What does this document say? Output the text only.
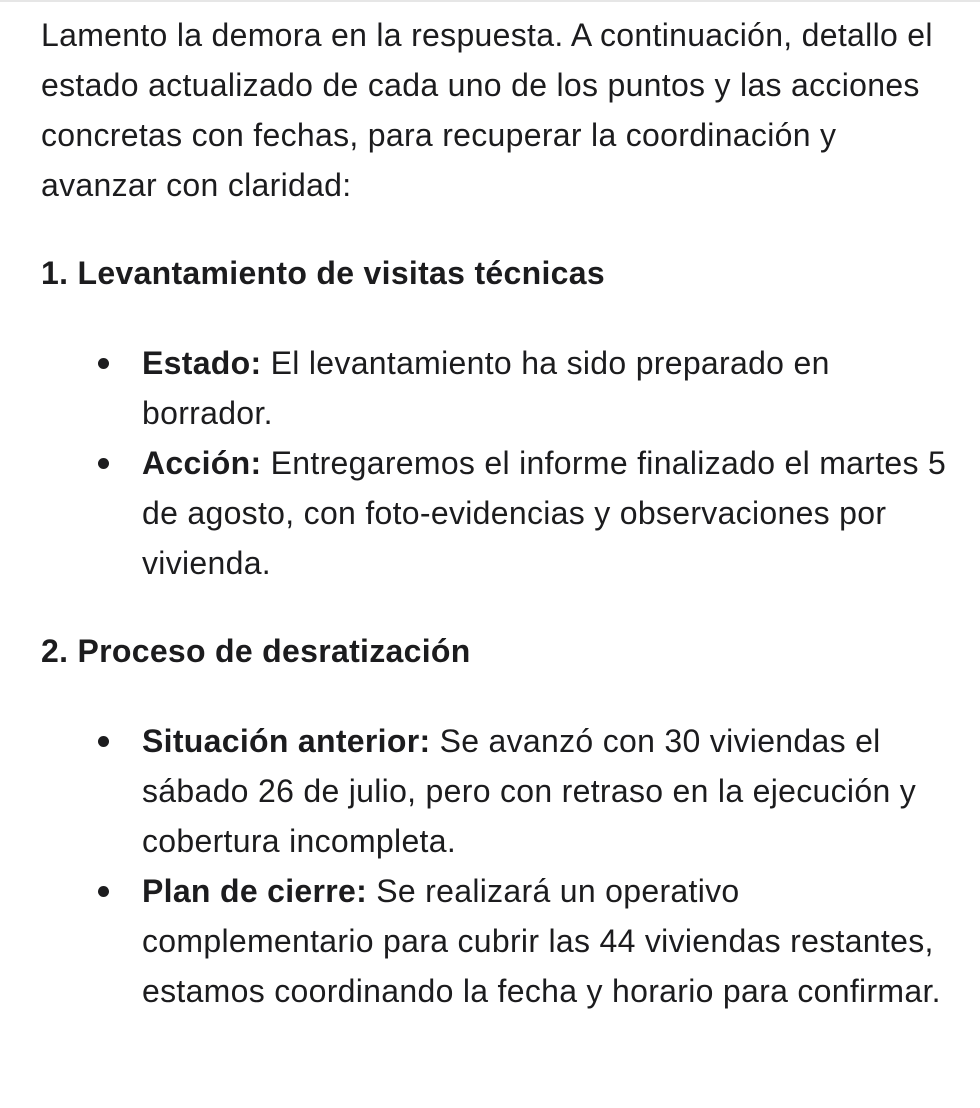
Lamento la demora en la respuesta. A continuación, detallo el estado actualizado de cada uno de los puntos y las acciones concretas con fechas, para recuperar la coordinación y avanzar con claridad:

1. Levantamiento de visitas técnicas
Estado: El levantamiento ha sido preparado en borrador.
Acción: Entregaremos el informe finalizado el martes 5 de agosto, con foto-evidencias y observaciones por vivienda.
2. Proceso de desratización
Situación anterior: Se avanzó con 30 viviendas el sábado 26 de julio, pero con retraso en la ejecución y cobertura incompleta.
Plan de cierre: Se realizará un operativo complementario para cubrir las 44 viviendas restantes, estamos coordinando la fecha y horario para confirmar.
